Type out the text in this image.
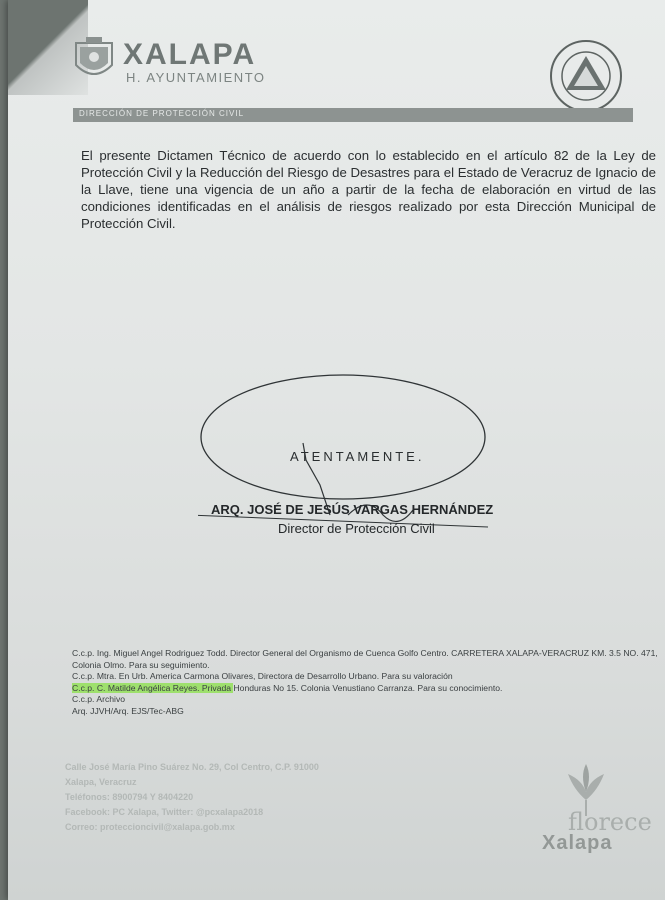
XALAPA
H. AYUNTAMIENTO
DIRECCIÓN DE PROTECCIÓN CIVIL

El presente Dictamen Técnico de acuerdo con lo establecido en el artículo 82 de la Ley de Protección Civil y la Reducción del Riesgo de Desastres para el Estado de Veracruz de Ignacio de la Llave, tiene una vigencia de un año a partir de la fecha de elaboración en virtud de las condiciones identificadas en el análisis de riesgos realizado por esta Dirección Municipal de Protección Civil.

ATENTAMENTE.
ARQ. JOSÉ DE JESÚS VARGAS HERNÁNDEZ
Director de Protección Civil
C.c.p. Ing. Miguel Angel Rodriguez Todd. Director General del Organismo de Cuenca Golfo Centro. CARRETERA XALAPA-VERACRUZ KM. 3.5 NO. 471, Colonia Olmo. Para su seguimiento.
C.c.p. Mtra. En Urb. America Carmona Olivares, Directora de Desarrollo Urbano. Para su valoración
C.c.p. C. Matilde Angélica Reyes. Privada Honduras No 15. Colonia Venustiano Carranza. Para su conocimiento.
C.c.p. Archivo
Arq. JJVH/Arq. EJS/Tec-ABG
Calle José María Pino Suárez No. 29, Col Centro, C.P. 91000
Xalapa, Veracruz
Teléfonos: 8900794 Y 8404220
Facebook: PC Xalapa, Twitter: @pcxalapa2018
Correo: proteccioncivil@xalapa.gob.mx	florece
Xalapa
